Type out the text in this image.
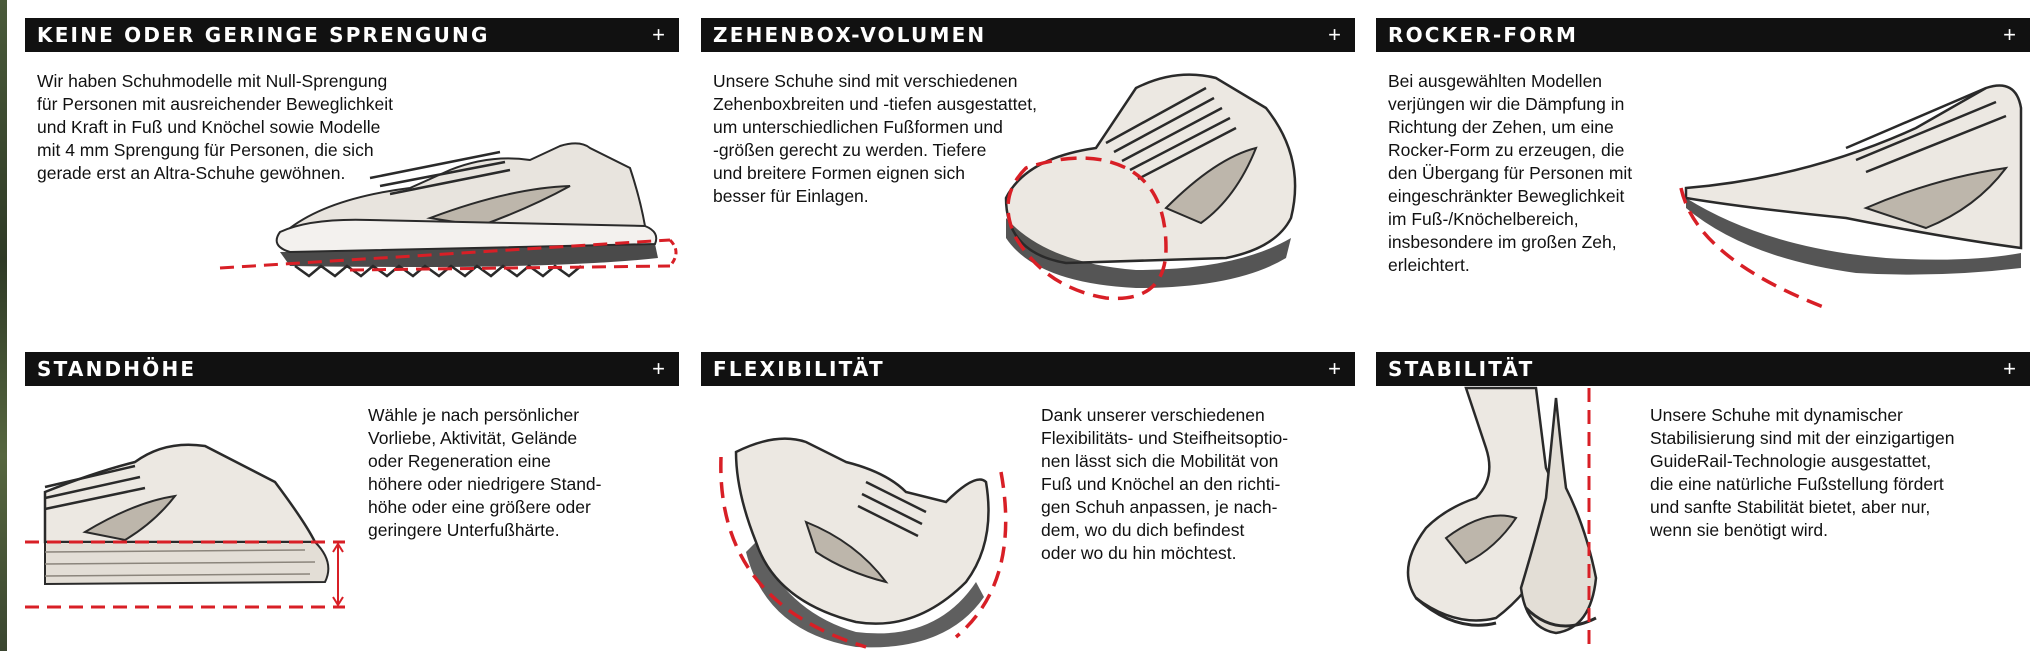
KEINE ODER GERINGE SPRENGUNG	+
Wir haben Schuhmodelle mit Null-Sprengung
für Personen mit ausreichender Beweglichkeit
und Kraft in Fuß und Knöchel sowie Modelle
mit 4 mm Sprengung für Personen, die sich
gerade erst an Altra-Schuhe gewöhnen.
ZEHENBOX-VOLUMEN	+
Unsere Schuhe sind mit verschiedenen
Zehenboxbreiten und -tiefen ausgestattet,
um unterschiedlichen Fußformen und
-größen gerecht zu werden. Tiefere
und breitere Formen eignen sich
besser für Einlagen.
ROCKER-FORM	+
Bei ausgewählten Modellen
verjüngen wir die Dämpfung in
Richtung der Zehen, um eine
Rocker-Form zu erzeugen, die
den Übergang für Personen mit
eingeschränkter Beweglichkeit
im Fuß-/Knöchelbereich,
insbesondere im großen Zeh,
erleichtert.
STANDHÖHE	+
Wähle je nach persönlicher
Vorliebe, Aktivität, Gelände
oder Regeneration eine
höhere oder niedrigere Stand-
höhe oder eine größere oder
geringere Unterfußhärte.
FLEXIBILITÄT	+
Dank unserer verschiedenen
Flexibilitäts- und Steifheitsoptio-
nen lässt sich die Mobilität von
Fuß und Knöchel an den richti-
gen Schuh anpassen, je nach-
dem, wo du dich befindest
oder wo du hin möchtest.
STABILITÄT	+
Unsere Schuhe mit dynamischer
Stabilisierung sind mit der einzigartigen
GuideRail-Technologie ausgestattet,
die eine natürliche Fußstellung fördert
und sanfte Stabilität bietet, aber nur,
wenn sie benötigt wird.
